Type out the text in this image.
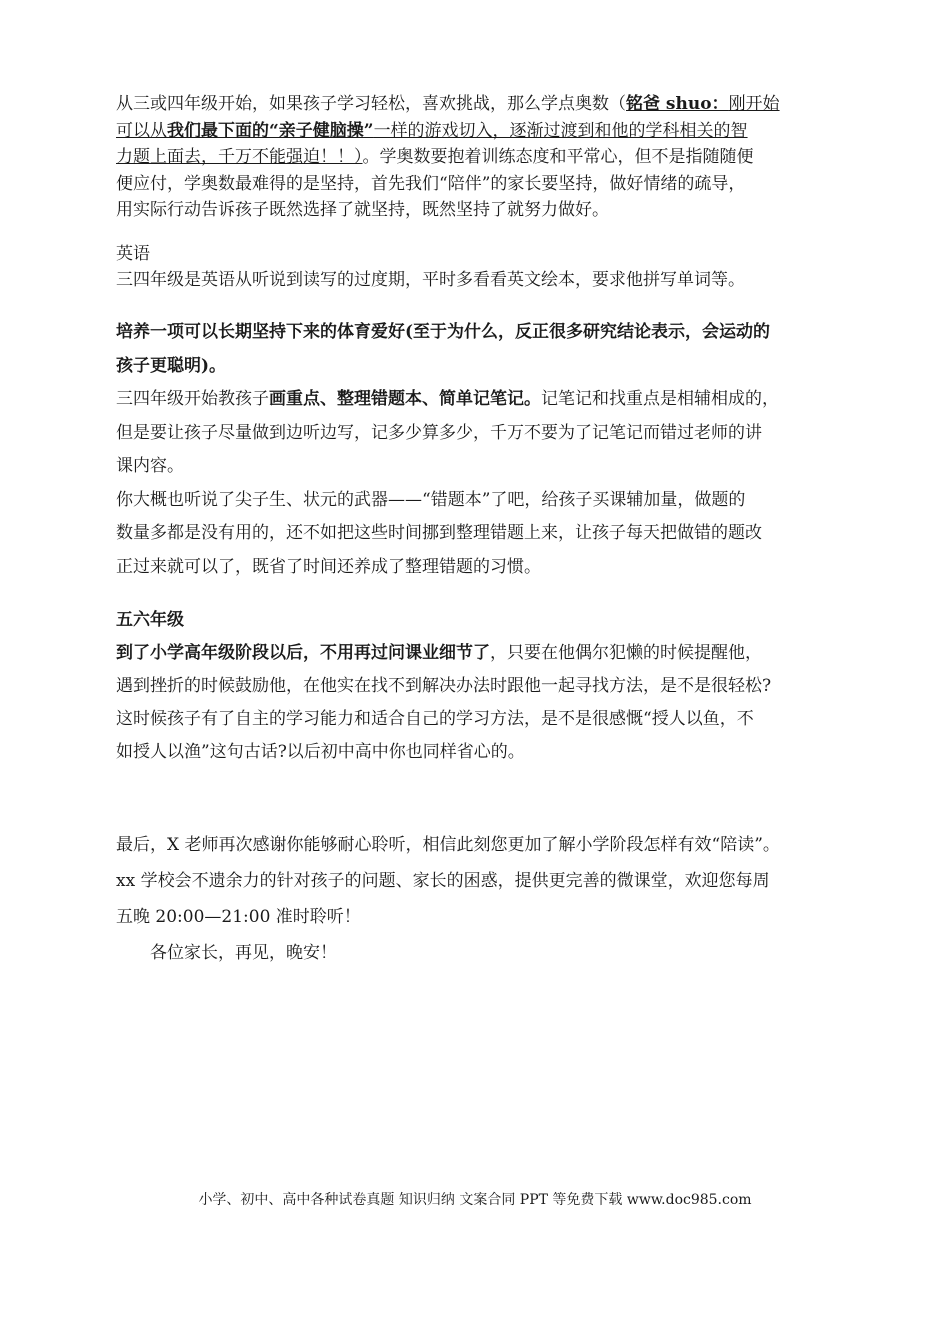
从三或四年级开始，如果孩子学习轻松，喜欢挑战，那么学点奥数（铭爸 shuo：刚开始
可以从我们最下面的“亲子健脑操”一样的游戏切入，逐渐过渡到和他的学科相关的智
力题上面去，千万不能强迫！！）。学奥数要抱着训练态度和平常心，但不是指随随便
便应付，学奥数最难得的是坚持，首先我们“陪伴”的家长要坚持，做好情绪的疏导，
用实际行动告诉孩子既然选择了就坚持，既然坚持了就努力做好。
英语
三四年级是英语从听说到读写的过度期，平时多看看英文绘本，要求他拼写单词等。
培养一项可以长期坚持下来的体育爱好(至于为什么，反正很多研究结论表示，会运动的
孩子更聪明)。
三四年级开始教孩子画重点、整理错题本、简单记笔记。记笔记和找重点是相辅相成的，
但是要让孩子尽量做到边听边写，记多少算多少，千万不要为了记笔记而错过老师的讲
课内容。
你大概也听说了尖子生、状元的武器——“错题本”了吧，给孩子买课辅加量，做题的
数量多都是没有用的，还不如把这些时间挪到整理错题上来，让孩子每天把做错的题改
正过来就可以了，既省了时间还养成了整理错题的习惯。
五六年级
到了小学高年级阶段以后，不用再过问课业细节了，只要在他偶尔犯懒的时候提醒他，
遇到挫折的时候鼓励他，在他实在找不到解决办法时跟他一起寻找方法，是不是很轻松?
这时候孩子有了自主的学习能力和适合自己的学习方法，是不是很感慨“授人以鱼，不
如授人以渔”这句古话?以后初中高中你也同样省心的。
最后，X 老师再次感谢你能够耐心聆听，相信此刻您更加了解小学阶段怎样有效“陪读”。
xx 学校会不遗余力的针对孩子的问题、家长的困惑，提供更完善的微课堂，欢迎您每周
五晚 20:00—21:00 准时聆听！
各位家长，再见，晚安！
小学、初中、高中各种试卷真题 知识归纳 文案合同 PPT 等免费下载 www.doc985.com
